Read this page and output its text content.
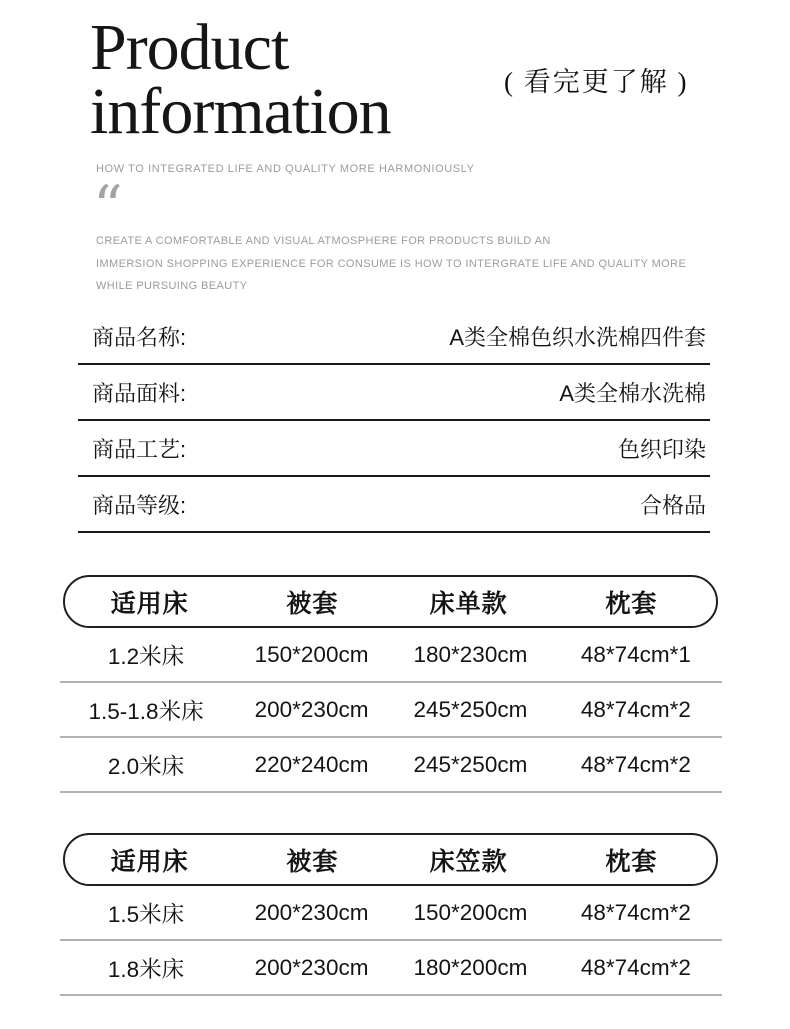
Product
information	( 看完更了解 )
HOW TO INTEGRATED LIFE AND QUALITY MORE HARMONIOUSLY
“

CREATE A COMFORTABLE AND VISUAL ATMOSPHERE FOR PRODUCTS BUILD AN

IMMERSION SHOPPING EXPERIENCE FOR CONSUME IS HOW TO INTERGRATE LIFE AND QUALITY MORE

WHILE PURSUING BEAUTY

商品名称:	A类全棉色织水洗棉四件套
商品面料:	A类全棉水洗棉
商品工艺:	色织印染
商品等级:	合格品
适用床	被套	床单款	枕套
1.2米床	150*200cm	180*230cm	48*74cm*1
1.5-1.8米床	200*230cm	245*250cm	48*74cm*2
2.0米床	220*240cm	245*250cm	48*74cm*2
适用床	被套	床笠款	枕套
1.5米床	200*230cm	150*200cm	48*74cm*2
1.8米床	200*230cm	180*200cm	48*74cm*2
